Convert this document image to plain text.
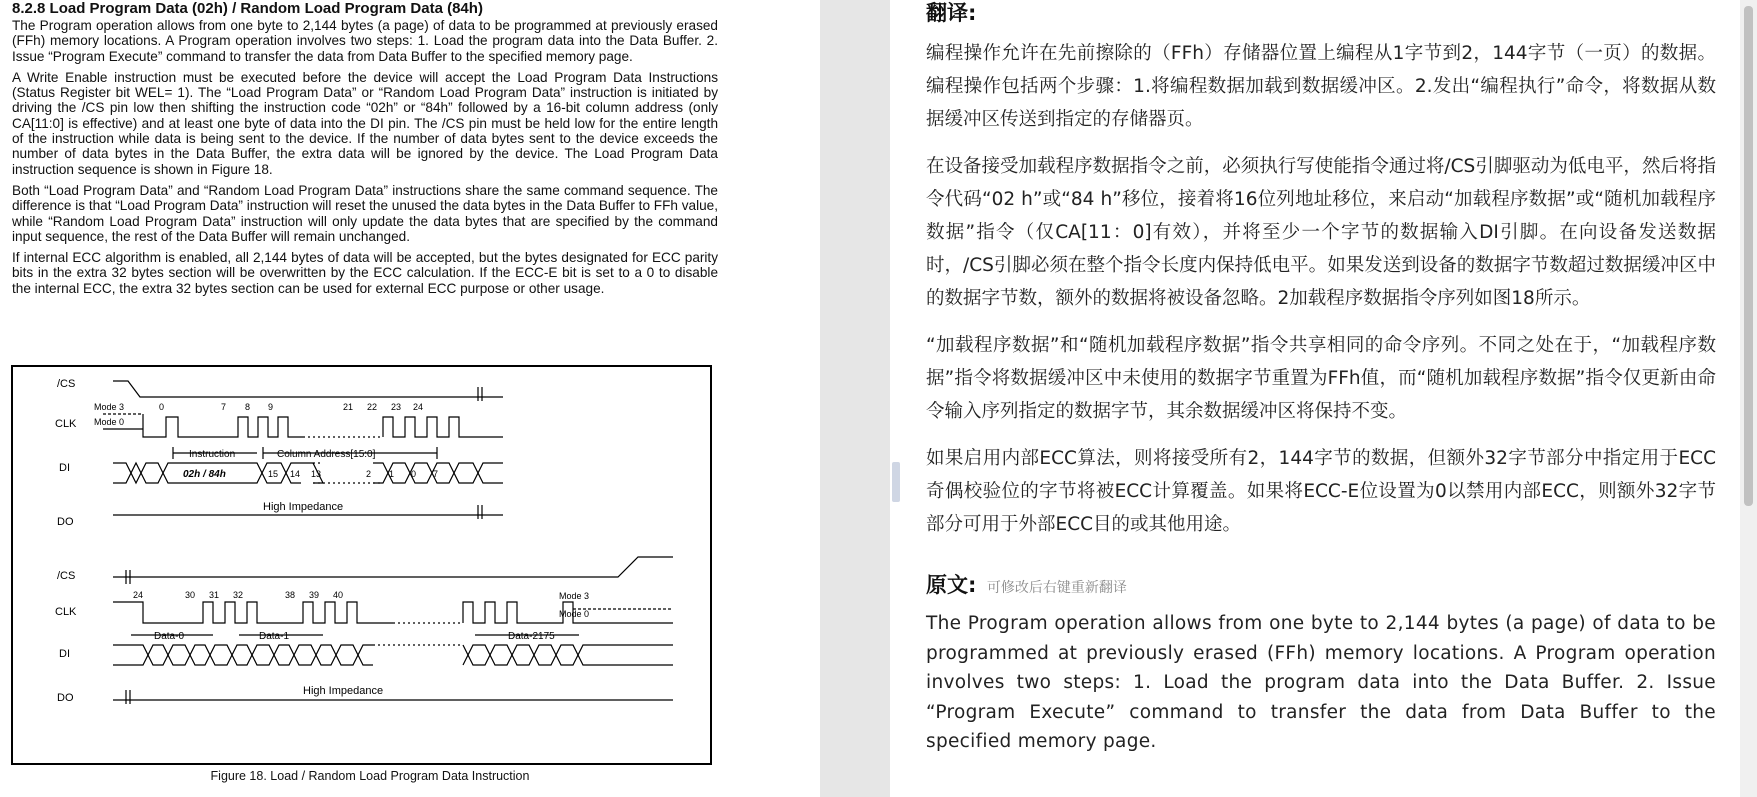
8.2.8 Load Program Data (02h) / Random Load Program Data (84h)

The Program operation allows from one byte to 2,144 bytes (a page) of data to be programmed at previously erased (FFh) memory locations. A Program operation involves two steps: 1. Load the program data into the Data Buffer. 2. Issue “Program Execute” command to transfer the data from Data Buffer to the specified memory page.

A Write Enable instruction must be executed before the device will accept the Load Program Data Instructions (Status Register bit WEL= 1). The “Load Program Data” or “Random Load Program Data” instruction is initiated by driving the /CS pin low then shifting the instruction code “02h” or “84h” followed by a 16-bit column address (only CA[11:0] is effective) and at least one byte of data into the DI pin. The /CS pin must be held low for the entire length of the instruction while data is being sent to the device. If the number of data bytes sent to the device exceeds the number of data bytes in the Data Buffer, the extra data will be ignored by the device. The Load Program Data instruction sequence is shown in Figure 18.

Both “Load Program Data” and “Random Load Program Data” instructions share the same command sequence. The difference is that “Load Program Data” instruction will reset the unused the data bytes in the Data Buffer to FFh value, while “Random Load Program Data” instruction will only update the data bytes that are specified by the command input sequence, the rest of the Data Buffer will remain unchanged.

If internal ECC algorithm is enabled, all 2,144 bytes of data will be accepted, but the bytes designated for ECC parity bits in the extra 32 bytes section will be overwritten by the ECC calculation. If the ECC-E bit is set to a 0 to disable the internal ECC, the extra 32 bytes section can be used for external ECC purpose or other usage.

/CS
CLK
DI
DO
Mode 3
Mode 0
0	7 8 9	21 22 23 24
Instruction	Column Address[15:0]
02h / 84h	15 14 13	2 1 0 7
High Impedance
/CS
CLK
DI
DO
Mode 3
Mode 0
24	30 31 32	38 39 40
Data-0	Data-1	Data-2175
High Impedance
Figure 18. Load / Random Load Program Data Instruction
翻译:

编程操作允许在先前擦除的（FFh）存储器位置上编程从1字节到2，144字节（一页）的数据。编程操作包括两个步骤：1.将编程数据加载到数据缓冲区。2.发出“编程执行”命令，将数据从数据缓冲区传送到指定的存储器页。

在设备接受加载程序数据指令之前，必须执行写使能指令通过将/CS引脚驱动为低电平，然后将指令代码“02 h”或“84 h”移位，接着将16位列地址移位，来启动“加载程序数据”或“随机加载程序数据”指令（仅CA[11：0]有效），并将至少一个字节的数据输入DI引脚。在向设备发送数据时，/CS引脚必须在整个指令长度内保持低电平。如果发送到设备的数据字节数超过数据缓冲区中的数据字节数，额外的数据将被设备忽略。2加载程序数据指令序列如图18所示。

“加载程序数据”和“随机加载程序数据”指令共享相同的命令序列。不同之处在于，“加载程序数据”指令将数据缓冲区中未使用的数据字节重置为FFh值，而“随机加载程序数据”指令仅更新由命令输入序列指定的数据字节，其余数据缓冲区将保持不变。

如果启用内部ECC算法，则将接受所有2，144字节的数据，但额外32字节部分中指定用于ECC奇偶校验位的字节将被ECC计算覆盖。如果将ECC-E位设置为0以禁用内部ECC，则额外32字节部分可用于外部ECC目的或其他用途。

原文: 可修改后右键重新翻译

The Program operation allows from one byte to 2,144 bytes (a page) of data to be programmed at previously erased (FFh) memory locations. A Program operation involves two steps: 1. Load the program data into the Data Buffer. 2. Issue “Program Execute” command to transfer the data from Data Buffer to the specified memory page.
